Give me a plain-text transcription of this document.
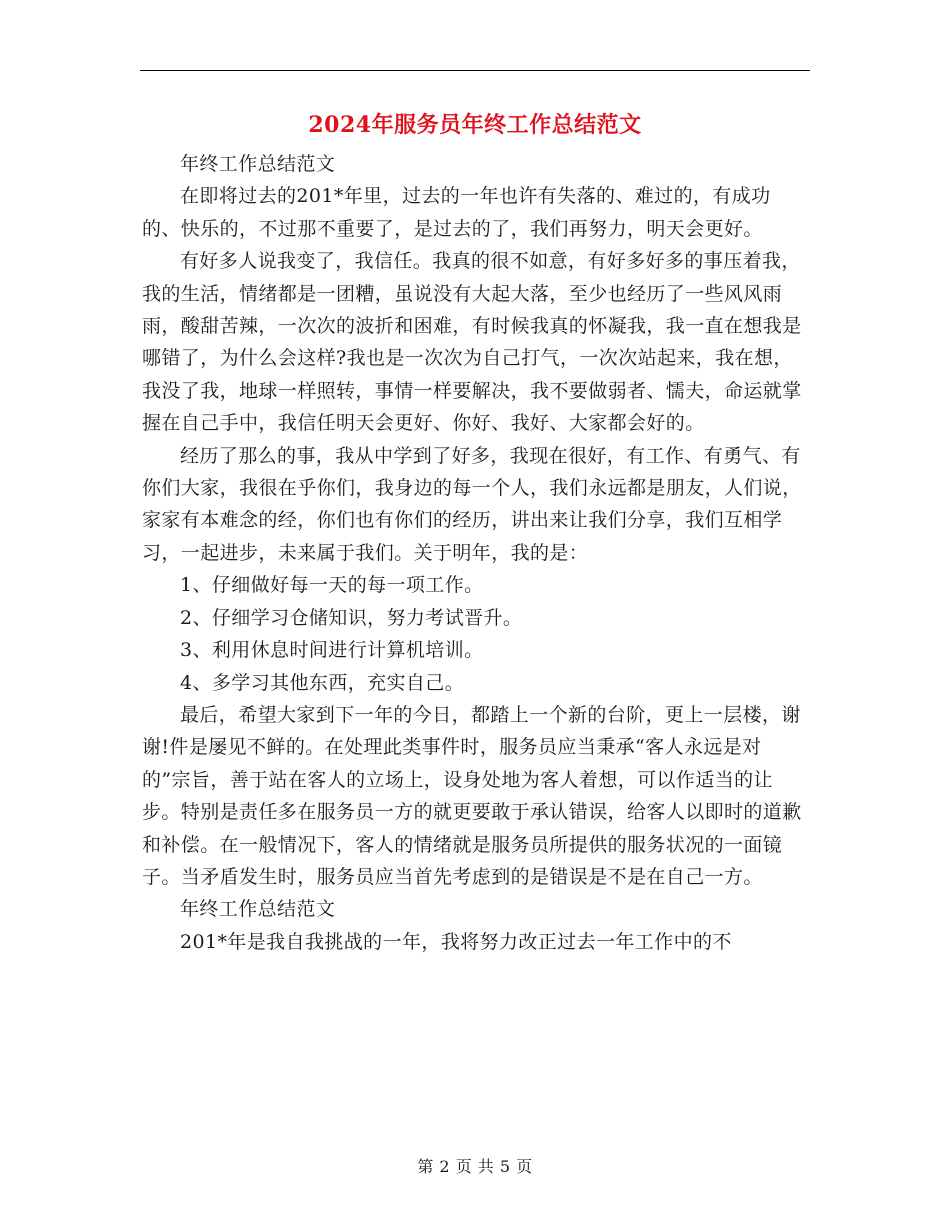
2024年服务员年终工作总结范文

年终工作总结范文

在即将过去的201*年里，过去的一年也许有失落的、难过的，有成功的、快乐的，不过那不重要了，是过去的了，我们再努力，明天会更好。

有好多人说我变了，我信任。我真的很不如意，有好多好多的事压着我，我的生活，情绪都是一团糟，虽说没有大起大落，至少也经历了一些风风雨雨，酸甜苦辣，一次次的波折和困难，有时候我真的怀凝我，我一直在想我是哪错了，为什么会这样?我也是一次次为自己打气，一次次站起来，我在想，我没了我，地球一样照转，事情一样要解决，我不要做弱者、懦夫，命运就掌握在自己手中，我信任明天会更好、你好、我好、大家都会好的。

经历了那么的事，我从中学到了好多，我现在很好，有工作、有勇气、有你们大家，我很在乎你们，我身边的每一个人，我们永远都是朋友，人们说，家家有本难念的经，你们也有你们的经历，讲出来让我们分享，我们互相学习，一起进步，未来属于我们。关于明年，我的是：

1、仔细做好每一天的每一项工作。

2、仔细学习仓储知识，努力考试晋升。

3、利用休息时间进行计算机培训。

4、多学习其他东西，充实自己。

最后，希望大家到下一年的今日，都踏上一个新的台阶，更上一层楼，谢谢!件是屡见不鲜的。在处理此类事件时，服务员应当秉承“客人永远是对的”宗旨，善于站在客人的立场上，设身处地为客人着想，可以作适当的让步。特别是责任多在服务员一方的就更要敢于承认错误，给客人以即时的道歉和补偿。在一般情况下，客人的情绪就是服务员所提供的服务状况的一面镜子。当矛盾发生时，服务员应当首先考虑到的是错误是不是在自己一方。

年终工作总结范文

201*年是我自我挑战的一年，我将努力改正过去一年工作中的不

第 2 页 共 5 页
